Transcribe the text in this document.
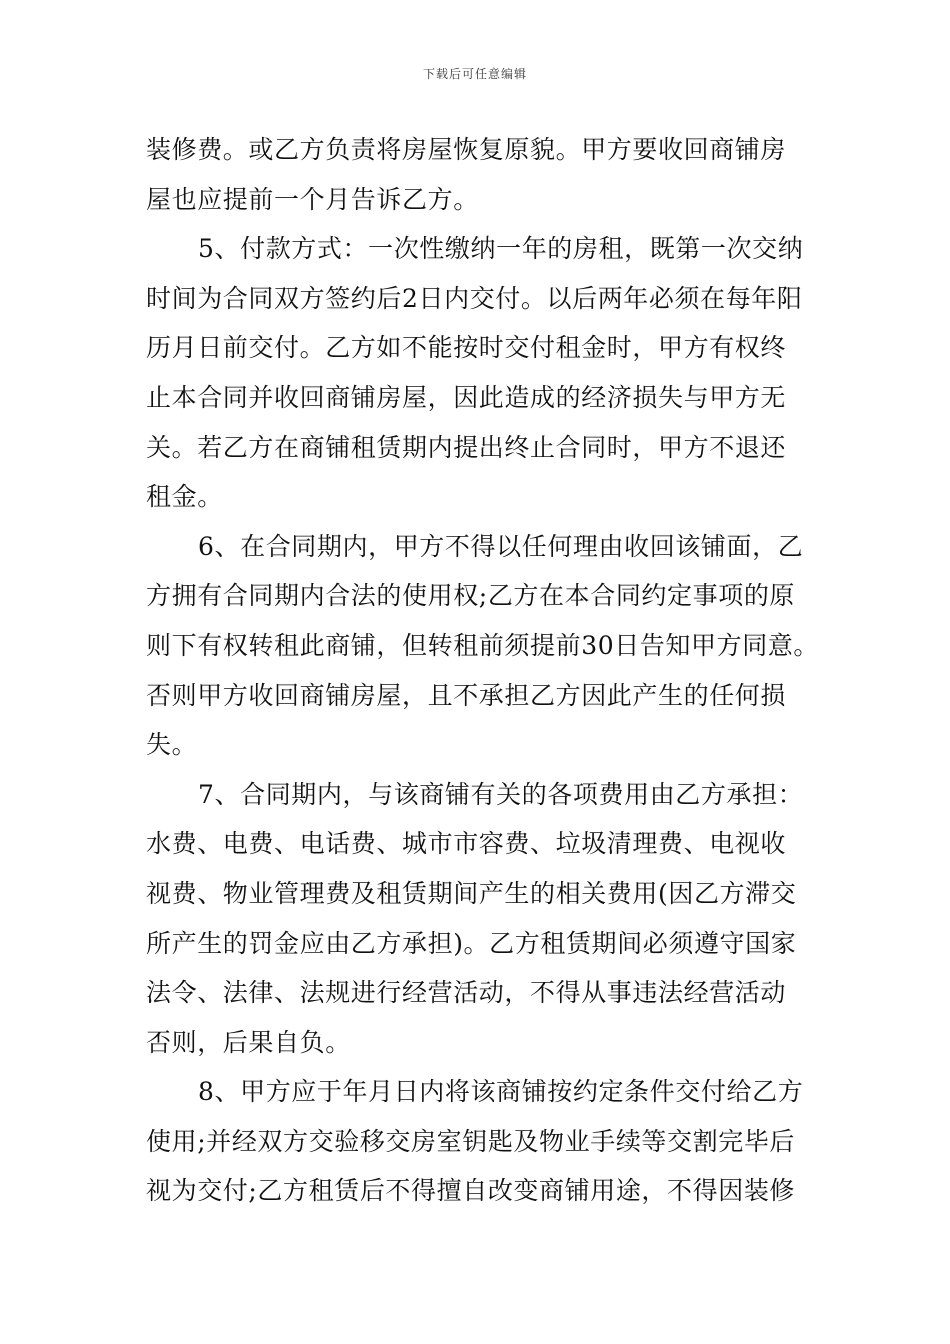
下载后可任意编辑
装修费。或乙方负责将房屋恢复原貌。甲方要收回商铺房
屋也应提前一个月告诉乙方。
5、付款方式：一次性缴纳一年的房租，既第一次交纳
时间为合同双方签约后2日内交付。以后两年必须在每年阳
历月日前交付。乙方如不能按时交付租金时，甲方有权终
止本合同并收回商铺房屋，因此造成的经济损失与甲方无
关。若乙方在商铺租赁期内提出终止合同时，甲方不退还
租金。
6、在合同期内，甲方不得以任何理由收回该铺面，乙
方拥有合同期内合法的使用权;乙方在本合同约定事项的原
则下有权转租此商铺，但转租前须提前30日告知甲方同意。
否则甲方收回商铺房屋，且不承担乙方因此产生的任何损
失。
7、合同期内，与该商铺有关的各项费用由乙方承担：
水费、电费、电话费、城市市容费、垃圾清理费、电视收
视费、物业管理费及租赁期间产生的相关费用(因乙方滞交
所产生的罚金应由乙方承担)。乙方租赁期间必须遵守国家
法令、法律、法规进行经营活动，不得从事违法经营活动
否则，后果自负。
8、甲方应于年月日内将该商铺按约定条件交付给乙方
使用;并经双方交验移交房室钥匙及物业手续等交割完毕后
视为交付;乙方租赁后不得擅自改变商铺用途，不得因装修
